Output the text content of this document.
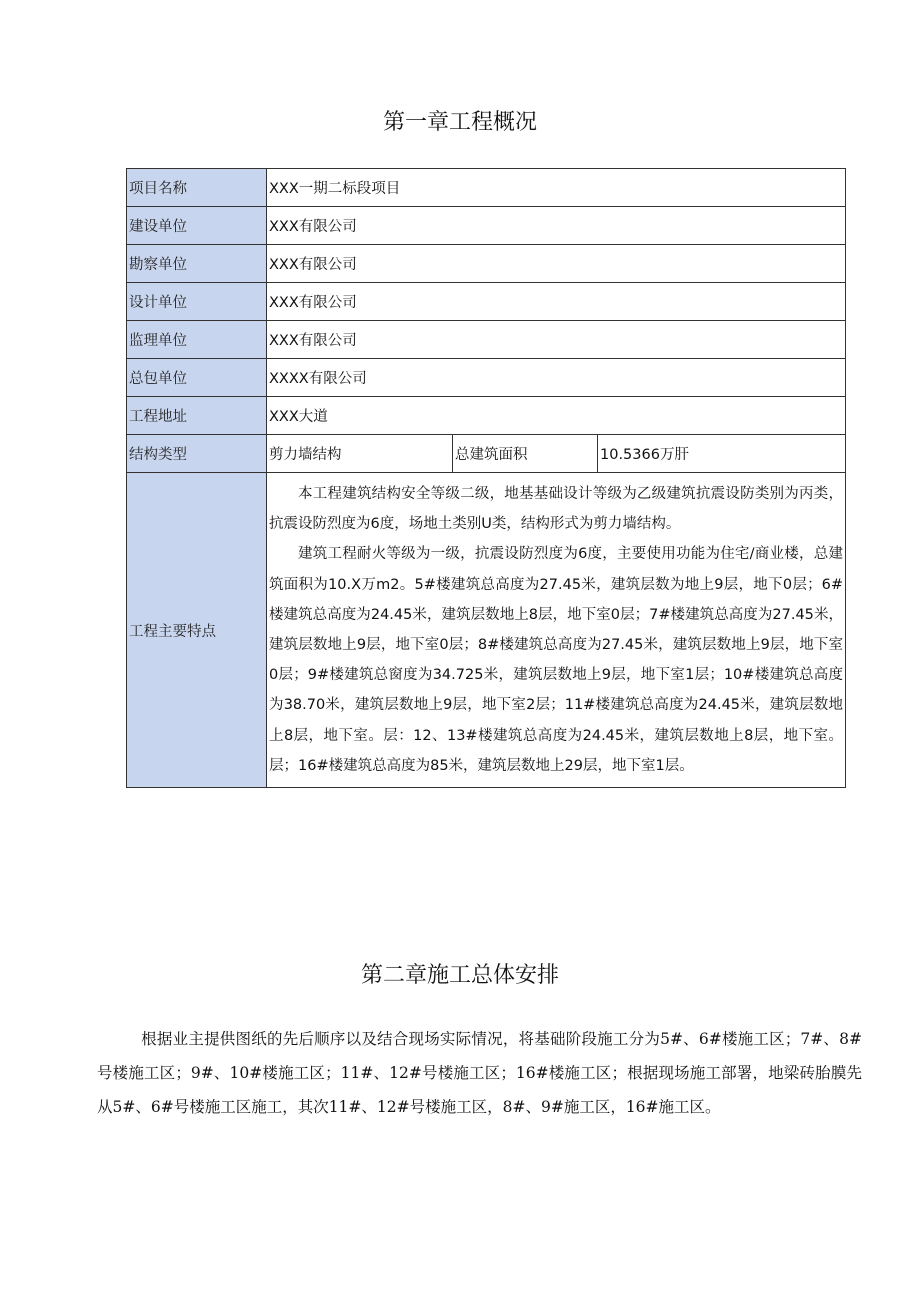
第一章工程概况
项目名称	XXX一期二标段项目		
建设单位	XXX有限公司		
勘察单位	XXX有限公司		
设计单位	XXX有限公司		
监理单位	XXX有限公司		
总包单位	XXXX有限公司		
工程地址	XXX大道		
结构类型	剪力墙结构	总建筑面积	10.5366万肝
工程主要特点	本工程建筑结构安全等级二级，地基基础设计等级为乙级建筑抗震设防类别为丙类，抗震设防烈度为6度，场地土类别U类，结构形式为剪力墙结构。

建筑工程耐火等级为一级，抗震设防烈度为6度，主要使用功能为住宅/商业楼，总建筑面积为10.X万m2。5#楼建筑总高度为27.45米，建筑层数为地上9层，地下0层；6#楼建筑总高度为24.45米，建筑层数地上8层，地下室0层；7#楼建筑总高度为27.45米，建筑层数地上9层，地下室0层；8#楼建筑总高度为27.45米，建筑层数地上9层，地下室0层；9#楼建筑总窗度为34.725米，建筑层数地上9层，地下室1层；10#楼建筑总高度为38.70米，建筑层数地上9层，地下室2层；11#楼建筑总高度为24.45米，建筑层数地上8层，地下室。层：12、13#楼建筑总高度为24.45米，建筑层数地上8层，地下室。层；16#楼建筑总高度为85米，建筑层数地上29层，地下室1层。		

第二章施工总体安排

根据业主提供图纸的先后顺序以及结合现场实际情况，将基础阶段施工分为5#、6#楼施工区；7#、8#号楼施工区；9#、10#楼施工区；11#、12#号楼施工区；16#楼施工区；根据现场施工部署，地梁砖胎膜先从5#、6#号楼施工区施工，其次11#、12#号楼施工区，8#、9#施工区，16#施工区。
